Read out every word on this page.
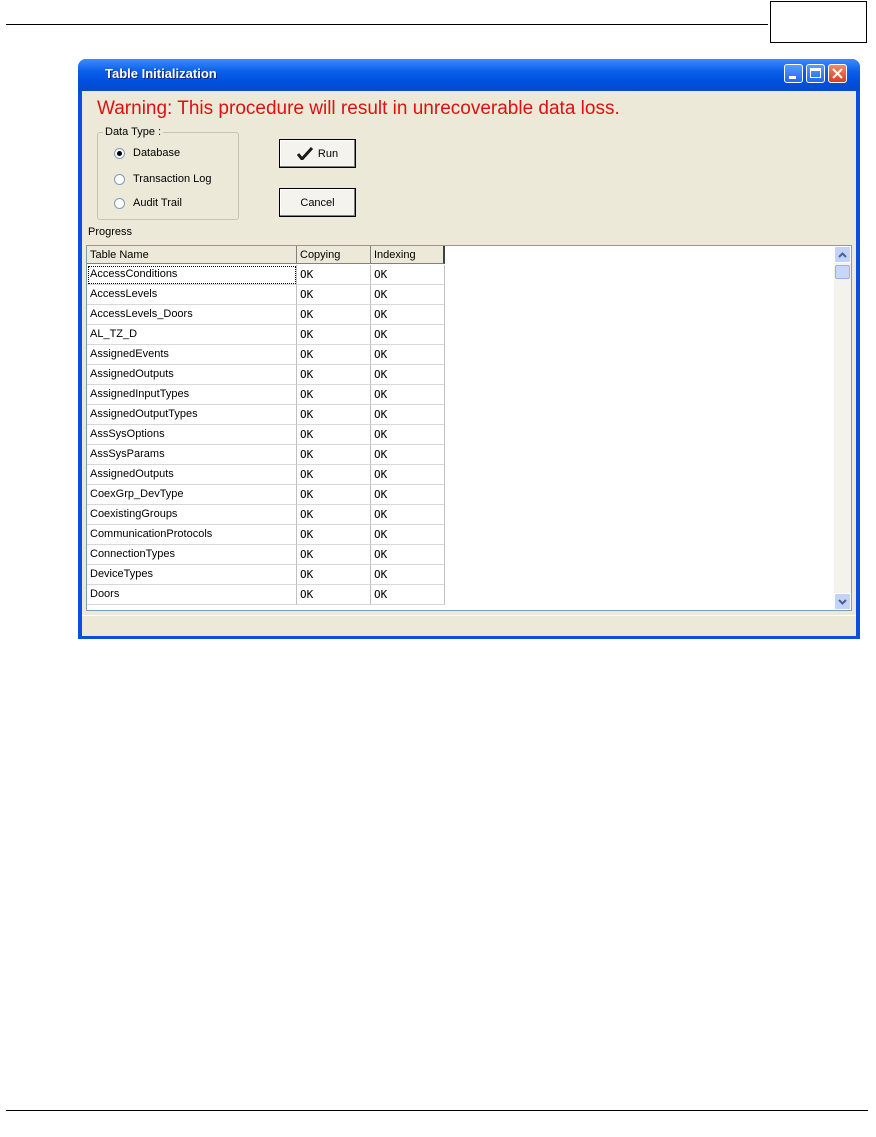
Table Initialization
Warning: This procedure will result in unrecoverable data loss.
Data Type :
Database
Transaction Log
Audit Trail
Run
Cancel
Progress
Table Name	Copying	Indexing
AccessConditions	OK	OK
AccessLevels	OK	OK
AccessLevels_Doors	OK	OK
AL_TZ_D	OK	OK
AssignedEvents	OK	OK
AssignedOutputs	OK	OK
AssignedInputTypes	OK	OK
AssignedOutputTypes	OK	OK
AssSysOptions	OK	OK
AssSysParams	OK	OK
AssignedOutputs	OK	OK
CoexGrp_DevType	OK	OK
CoexistingGroups	OK	OK
CommunicationProtocols	OK	OK
ConnectionTypes	OK	OK
DeviceTypes	OK	OK
Doors	OK	OK
